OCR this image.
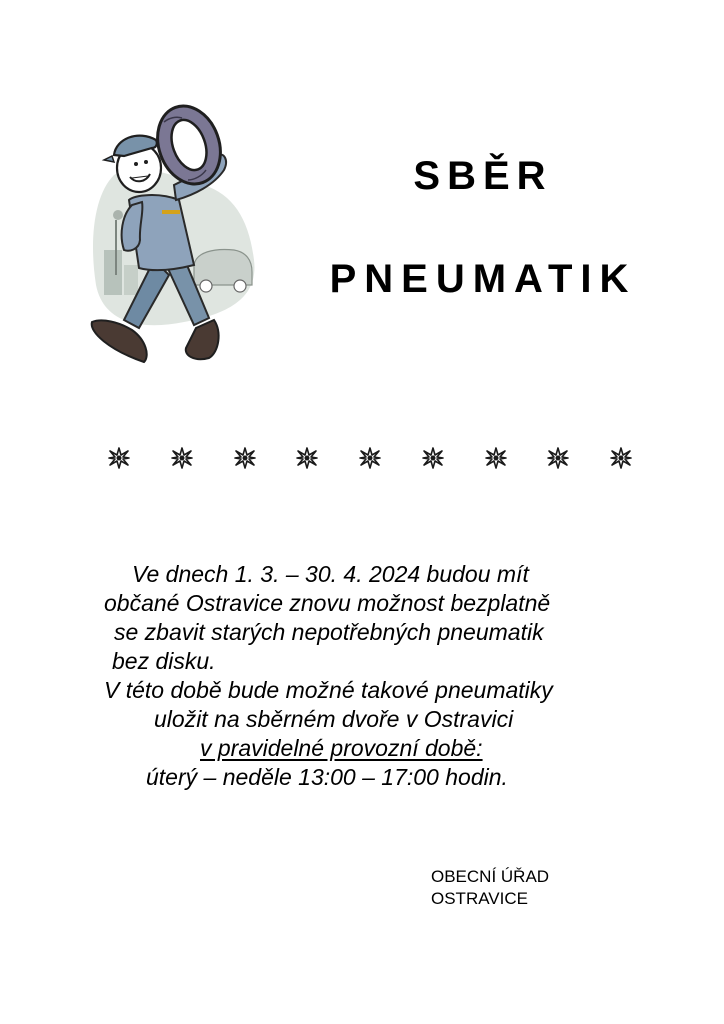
SBĚR
PNEUMATIK
Ve dnech 1. 3. – 30. 4. 2024 budou mít
občané Ostravice znovu možnost bezplatně
se zbavit starých nepotřebných pneumatik
bez disku.
V této době bude možné takové pneumatiky
uložit na sběrném dvoře v Ostravici
v pravidelné provozní době:
úterý – neděle 13:00 – 17:00 hodin.
OBECNÍ ÚŘAD
OSTRAVICE
